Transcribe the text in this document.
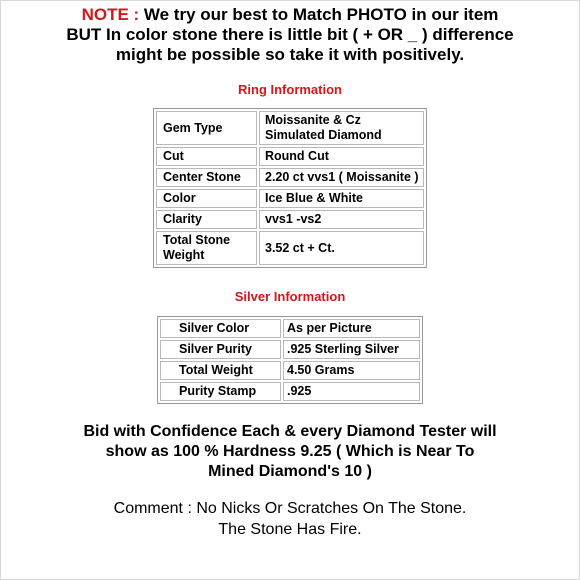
NOTE : We try our best to Match PHOTO in our item
BUT In color stone there is little bit ( + OR _ ) difference might be possible so take it with positively.
Ring Information
Gem Type	Moissanite & Cz Simulated Diamond
Cut	Round Cut
Center Stone	2.20 ct vvs1 ( Moissanite )
Color	Ice Blue & White
Clarity	vvs1 -vs2
Total Stone Weight	3.52 ct + Ct.
Silver Information
Silver Color	As per Picture
Silver Purity	.925 Sterling Silver
Total Weight	4.50 Grams
Purity Stamp	.925
Bid with Confidence Each & every Diamond Tester will
show as 100 % Hardness 9.25 ( Which is Near To Mined Diamond's 10 )
Comment : No Nicks Or Scratches On The Stone.
The Stone Has Fire.
